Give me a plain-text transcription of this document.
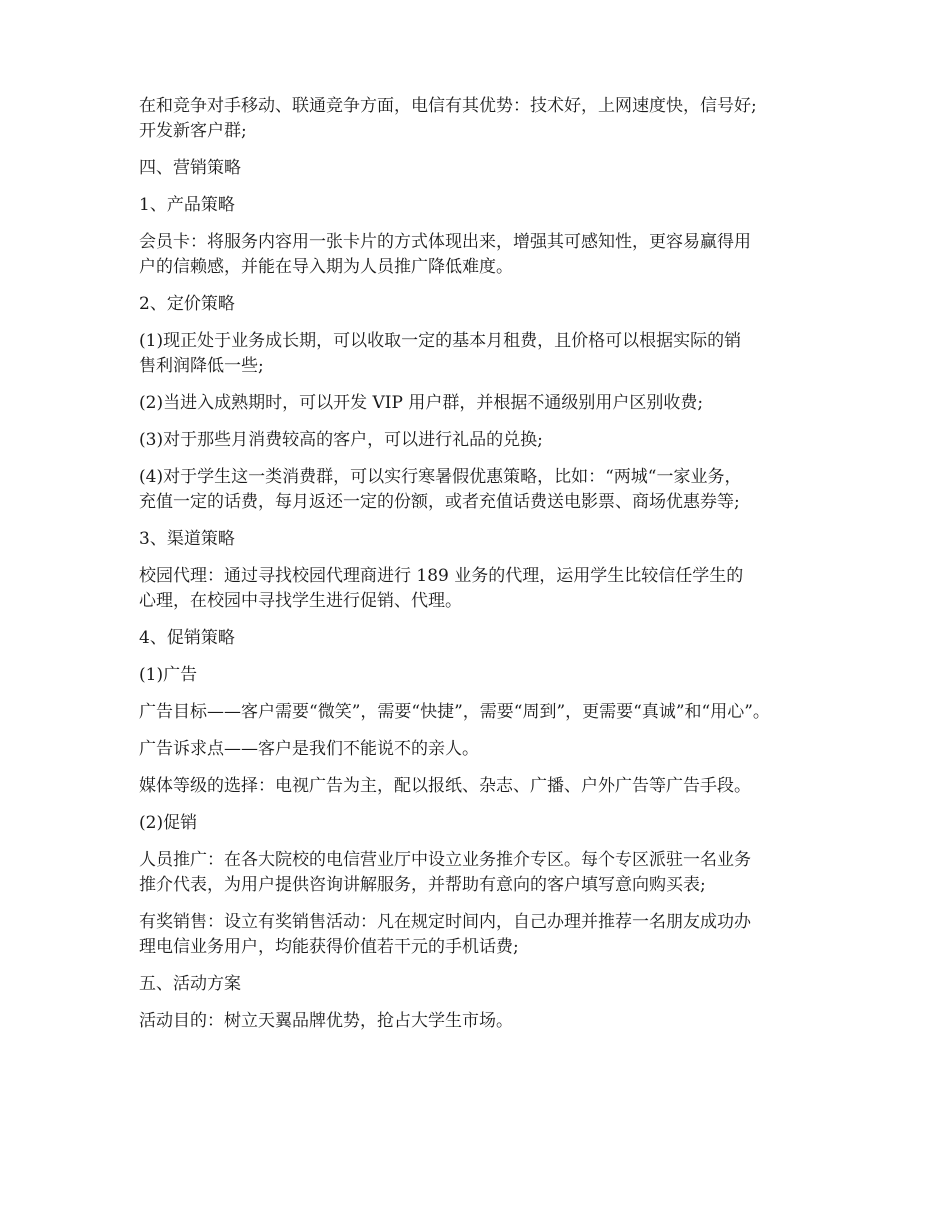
在和竞争对手移动、联通竞争方面，电信有其优势：技术好，上网速度快，信号好;
开发新客户群;

四、营销策略

1、产品策略

会员卡：将服务内容用一张卡片的方式体现出来，增强其可感知性，更容易赢得用
户的信赖感，并能在导入期为人员推广降低难度。

2、定价策略

(1)现正处于业务成长期，可以收取一定的基本月租费，且价格可以根据实际的销
售利润降低一些;

(2)当进入成熟期时，可以开发 VIP 用户群，并根据不通级别用户区别收费;

(3)对于那些月消费较高的客户，可以进行礼品的兑换;

(4)对于学生这一类消费群，可以实行寒暑假优惠策略，比如：“两城“一家业务，
充值一定的话费，每月返还一定的份额，或者充值话费送电影票、商场优惠券等;

3、渠道策略

校园代理：通过寻找校园代理商进行 189 业务的代理，运用学生比较信任学生的
心理，在校园中寻找学生进行促销、代理。

4、促销策略

(1)广告

广告目标——客户需要“微笑”，需要“快捷”，需要“周到”，更需要“真诚”和“用心”。

广告诉求点——客户是我们不能说不的亲人。

媒体等级的选择：电视广告为主，配以报纸、杂志、广播、户外广告等广告手段。

(2)促销

人员推广：在各大院校的电信营业厅中设立业务推介专区。每个专区派驻一名业务
推介代表，为用户提供咨询讲解服务，并帮助有意向的客户填写意向购买表;

有奖销售：设立有奖销售活动：凡在规定时间内，自己办理并推荐一名朋友成功办
理电信业务用户，均能获得价值若干元的手机话费;

五、活动方案

活动目的：树立天翼品牌优势，抢占大学生市场。
